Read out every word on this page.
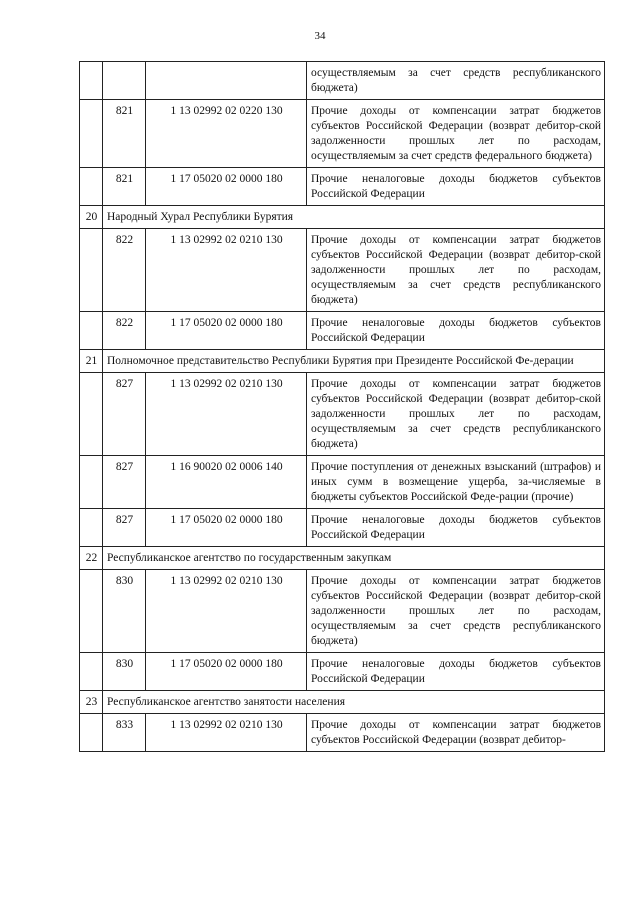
34
			осуществляемым за счет средств республиканского бюджета)
	821	1 13 02992 02 0220 130	Прочие доходы от компенсации затрат бюджетов субъектов Российской Федерации (возврат дебитор-ской задолженности прошлых лет по расходам, осуществляемым за счет средств федерального бюджета)
	821	1 17 05020 02 0000 180	Прочие неналоговые доходы бюджетов субъектов Российской Федерации
20	Народный Хурал Республики Бурятия		
	822	1 13 02992 02 0210 130	Прочие доходы от компенсации затрат бюджетов субъектов Российской Федерации (возврат дебитор-ской задолженности прошлых лет по расходам, осуществляемым за счет средств республиканского бюджета)
	822	1 17 05020 02 0000 180	Прочие неналоговые доходы бюджетов субъектов Российской Федерации
21	Полномочное представительство Республики Бурятия при Президенте Российской Фе-дерации		
	827	1 13 02992 02 0210 130	Прочие доходы от компенсации затрат бюджетов субъектов Российской Федерации (возврат дебитор-ской задолженности прошлых лет по расходам, осуществляемым за счет средств республиканского бюджета)
	827	1 16 90020 02 0006 140	Прочие поступления от денежных взысканий (штрафов) и иных сумм в возмещение ущерба, за-числяемые в бюджеты субъектов Российской Феде-рации (прочие)
	827	1 17 05020 02 0000 180	Прочие неналоговые доходы бюджетов субъектов Российской Федерации
22	Республиканское агентство по государственным закупкам		
	830	1 13 02992 02 0210 130	Прочие доходы от компенсации затрат бюджетов субъектов Российской Федерации (возврат дебитор-ской задолженности прошлых лет по расходам, осуществляемым за счет средств республиканского бюджета)
	830	1 17 05020 02 0000 180	Прочие неналоговые доходы бюджетов субъектов Российской Федерации
23	Республиканское агентство занятости населения		
	833	1 13 02992 02 0210 130	Прочие доходы от компенсации затрат бюджетов субъектов Российской Федерации (возврат дебитор-
